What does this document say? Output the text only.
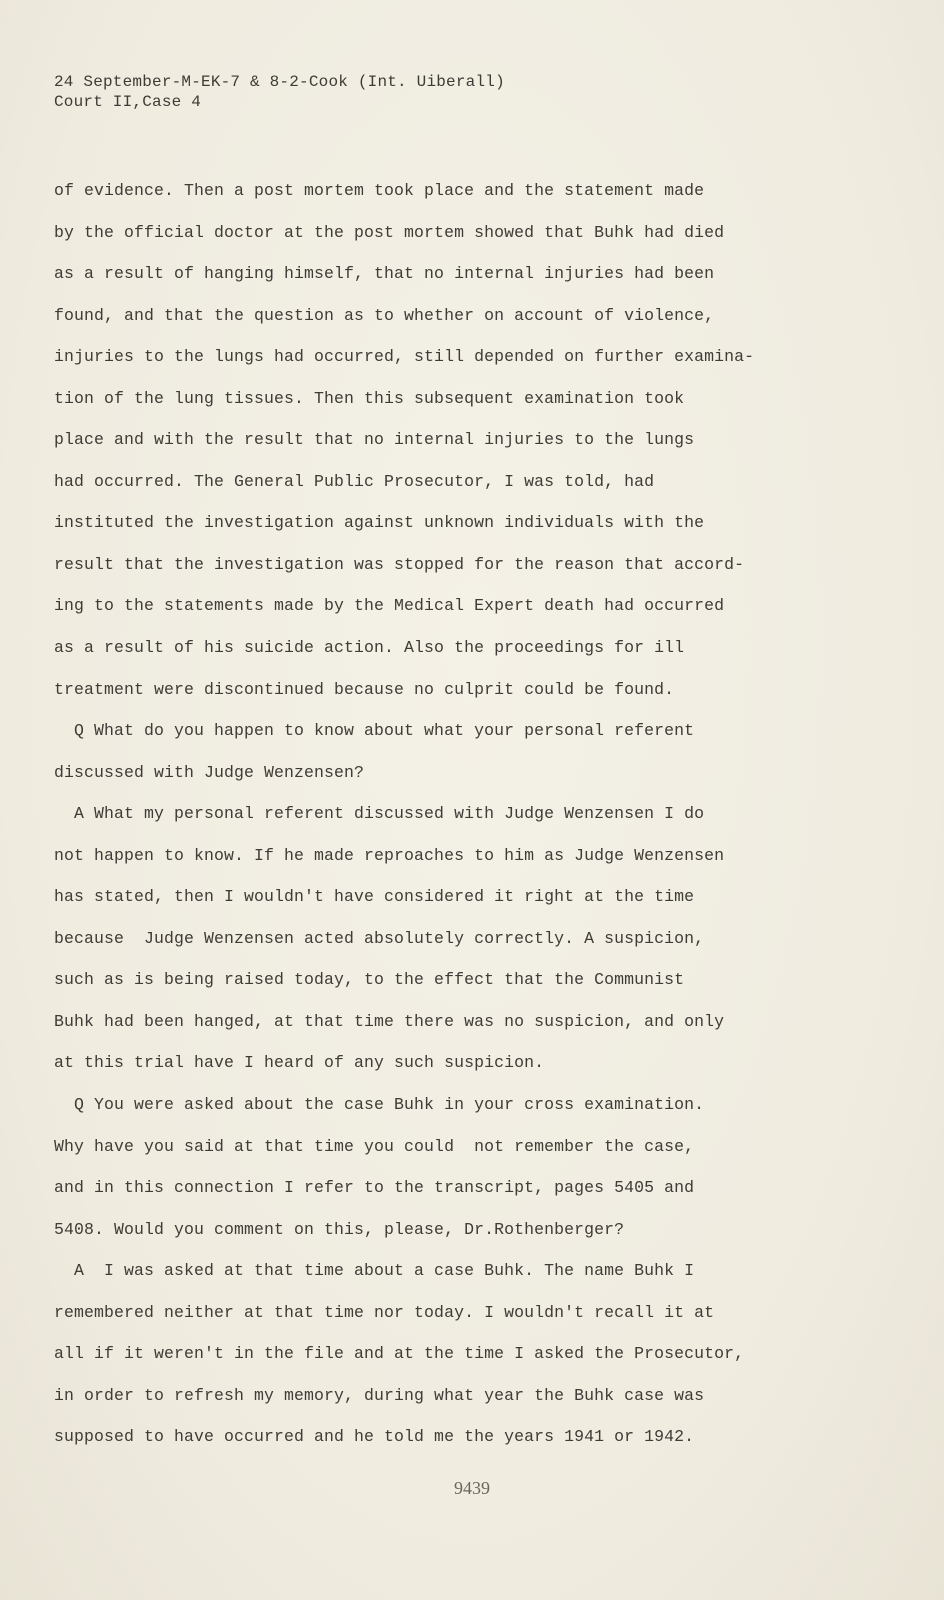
24 September-M-EK-7 & 8-2-Cook (Int. Uiberall)
Court II,Case 4
of evidence. Then a post mortem took place and the statement made
by the official doctor at the post mortem showed that Buhk had died
as a result of hanging himself, that no internal injuries had been
found, and that the question as to whether on account of violence,
injuries to the lungs had occurred, still depended on further examina-
tion of the lung tissues. Then this subsequent examination took
place and with the result that no internal injuries to the lungs
had occurred. The General Public Prosecutor, I was told, had
instituted the investigation against unknown individuals with the
result that the investigation was stopped for the reason that accord-
ing to the statements made by the Medical Expert death had occurred
as a result of his suicide action. Also the proceedings for ill
treatment were discontinued because no culprit could be found.
Q What do you happen to know about what your personal referent
discussed with Judge Wenzensen?
A What my personal referent discussed with Judge Wenzensen I do
not happen to know. If he made reproaches to him as Judge Wenzensen
has stated, then I wouldn't have considered it right at the time
because  Judge Wenzensen acted absolutely correctly. A suspicion,
such as is being raised today, to the effect that the Communist
Buhk had been hanged, at that time there was no suspicion, and only
at this trial have I heard of any such suspicion.
Q You were asked about the case Buhk in your cross examination.
Why have you said at that time you could  not remember the case,
and in this connection I refer to the transcript, pages 5405 and
5408. Would you comment on this, please, Dr.Rothenberger?
A  I was asked at that time about a case Buhk. The name Buhk I
remembered neither at that time nor today. I wouldn't recall it at
all if it weren't in the file and at the time I asked the Prosecutor,
in order to refresh my memory, during what year the Buhk case was
supposed to have occurred and he told me the years 1941 or 1942.
9439
